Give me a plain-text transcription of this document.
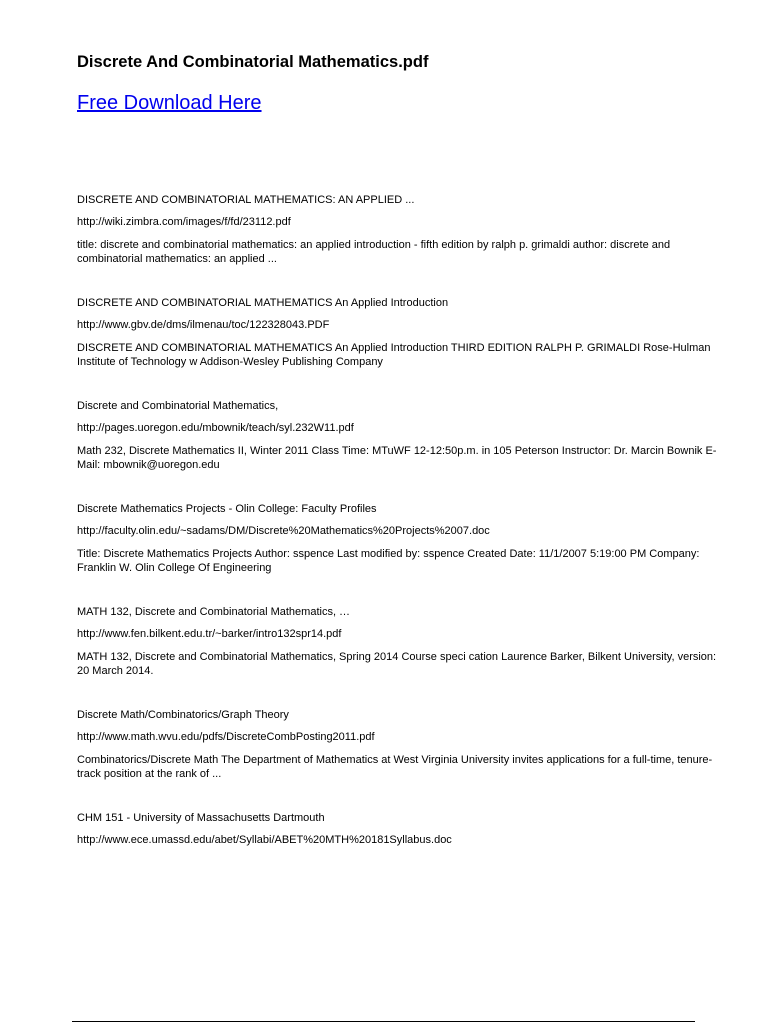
Discrete And Combinatorial Mathematics.pdf
Free Download Here
DISCRETE AND COMBINATORIAL MATHEMATICS: AN APPLIED ...
http://wiki.zimbra.com/images/f/fd/23112.pdf
title: discrete and combinatorial mathematics: an applied introduction - fifth edition by ralph p. grimaldi author: discrete and combinatorial mathematics: an applied ...
DISCRETE AND COMBINATORIAL MATHEMATICS An Applied Introduction
http://www.gbv.de/dms/ilmenau/toc/122328043.PDF
DISCRETE AND COMBINATORIAL MATHEMATICS An Applied Introduction THIRD EDITION RALPH P. GRIMALDI Rose-Hulman Institute of Technology w Addison-Wesley Publishing Company
Discrete and Combinatorial Mathematics,
http://pages.uoregon.edu/mbownik/teach/syl.232W11.pdf
Math 232, Discrete Mathematics II, Winter 2011 Class Time: MTuWF 12-12:50p.m. in 105 Peterson Instructor: Dr. Marcin Bownik E-Mail: mbownik@uoregon.edu
Discrete Mathematics Projects - Olin College: Faculty Profiles
http://faculty.olin.edu/~sadams/DM/Discrete%20Mathematics%20Projects%2007.doc
Title: Discrete Mathematics Projects Author: sspence Last modified by: sspence Created Date: 11/1/2007 5:19:00 PM Company: Franklin W. Olin College Of Engineering
MATH 132, Discrete and Combinatorial Mathematics, …
http://www.fen.bilkent.edu.tr/~barker/intro132spr14.pdf
MATH 132, Discrete and Combinatorial Mathematics, Spring 2014 Course speci cation Laurence Barker, Bilkent University, version: 20 March 2014.
Discrete Math/Combinatorics/Graph Theory
http://www.math.wvu.edu/pdfs/DiscreteCombPosting2011.pdf
Combinatorics/Discrete Math The Department of Mathematics at West Virginia University invites applications for a full-time, tenure-track position at the rank of ...
CHM 151 - University of Massachusetts Dartmouth
http://www.ece.umassd.edu/abet/Syllabi/ABET%20MTH%20181Syllabus.doc
